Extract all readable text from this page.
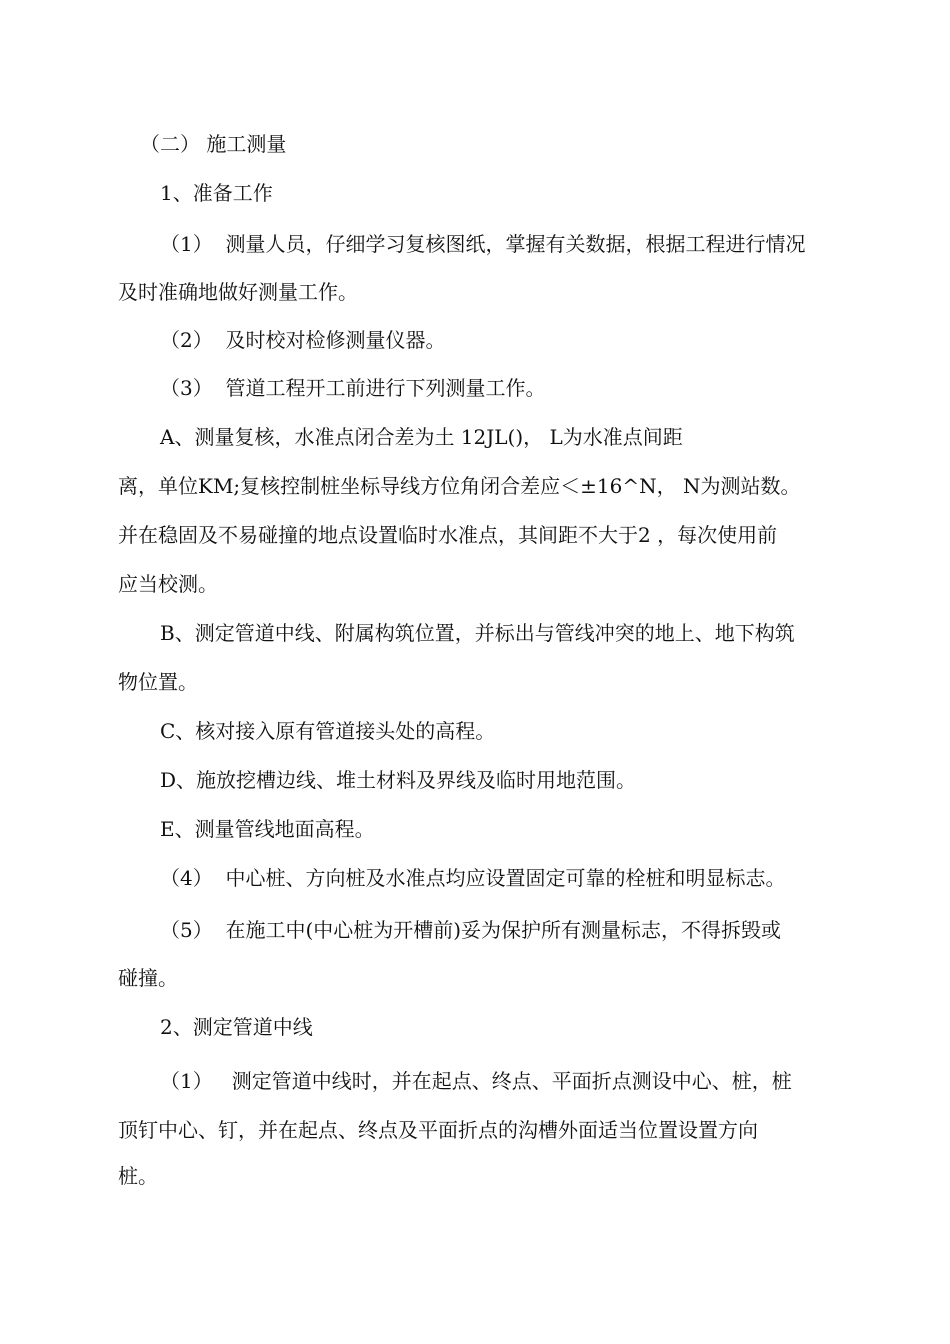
（二） 施工测量
1、准备工作
（1）  测量人员，仔细学习复核图纸，掌握有关数据，根据工程进行情况
及时准确地做好测量工作。
（2）  及时校对检修测量仪器。
（3）  管道工程开工前进行下列测量工作。
A、测量复核，水准点闭合差为土 12JL()， L为水准点间距
离，单位KM;复核控制桩坐标导线方位角闭合差应＜±16^N， N为测站数。
并在稳固及不易碰撞的地点设置临时水准点，其间距不大于2 ，每次使用前
应当校测。
B、测定管道中线、附属构筑位置，并标出与管线冲突的地上、地下构筑
物位置。
C、核对接入原有管道接头处的高程。
D、施放挖槽边线、堆土材料及界线及临时用地范围。
E、测量管线地面高程。
（4）  中心桩、方向桩及水准点均应设置固定可靠的栓桩和明显标志。
（5）  在施工中(中心桩为开槽前)妥为保护所有测量标志，不得拆毁或
碰撞。
2、测定管道中线
（1）   测定管道中线时，并在起点、终点、平面折点测设中心、桩，桩
顶钉中心、钉，并在起点、终点及平面折点的沟槽外面适当位置设置方向
桩。
